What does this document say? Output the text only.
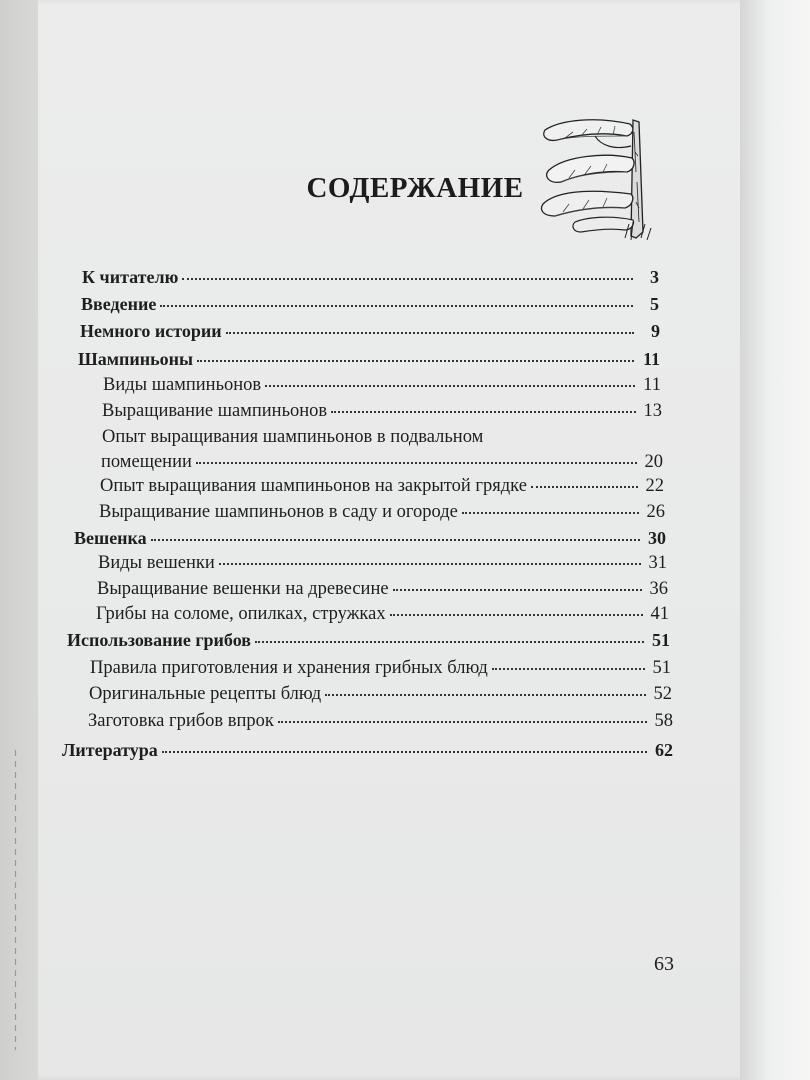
СОДЕРЖАНИЕ
К читателю	3
Введение	5
Немного истории	9
Шампиньоны	11
Виды шампиньонов	11
Выращивание шампиньонов	13
Опыт выращивания шампиньонов в подвальном
помещении	20
Опыт выращивания шампиньонов на закрытой грядке	22
Выращивание шампиньонов в саду и огороде	26
Вешенка	30
Виды вешенки	31
Выращивание вешенки на древесине	36
Грибы на соломе, опилках, стружках	41
Использование грибов	51
Правила приготовления и хранения грибных блюд	51
Оригинальные рецепты блюд	52
Заготовка грибов впрок	58
Литература	62
63
